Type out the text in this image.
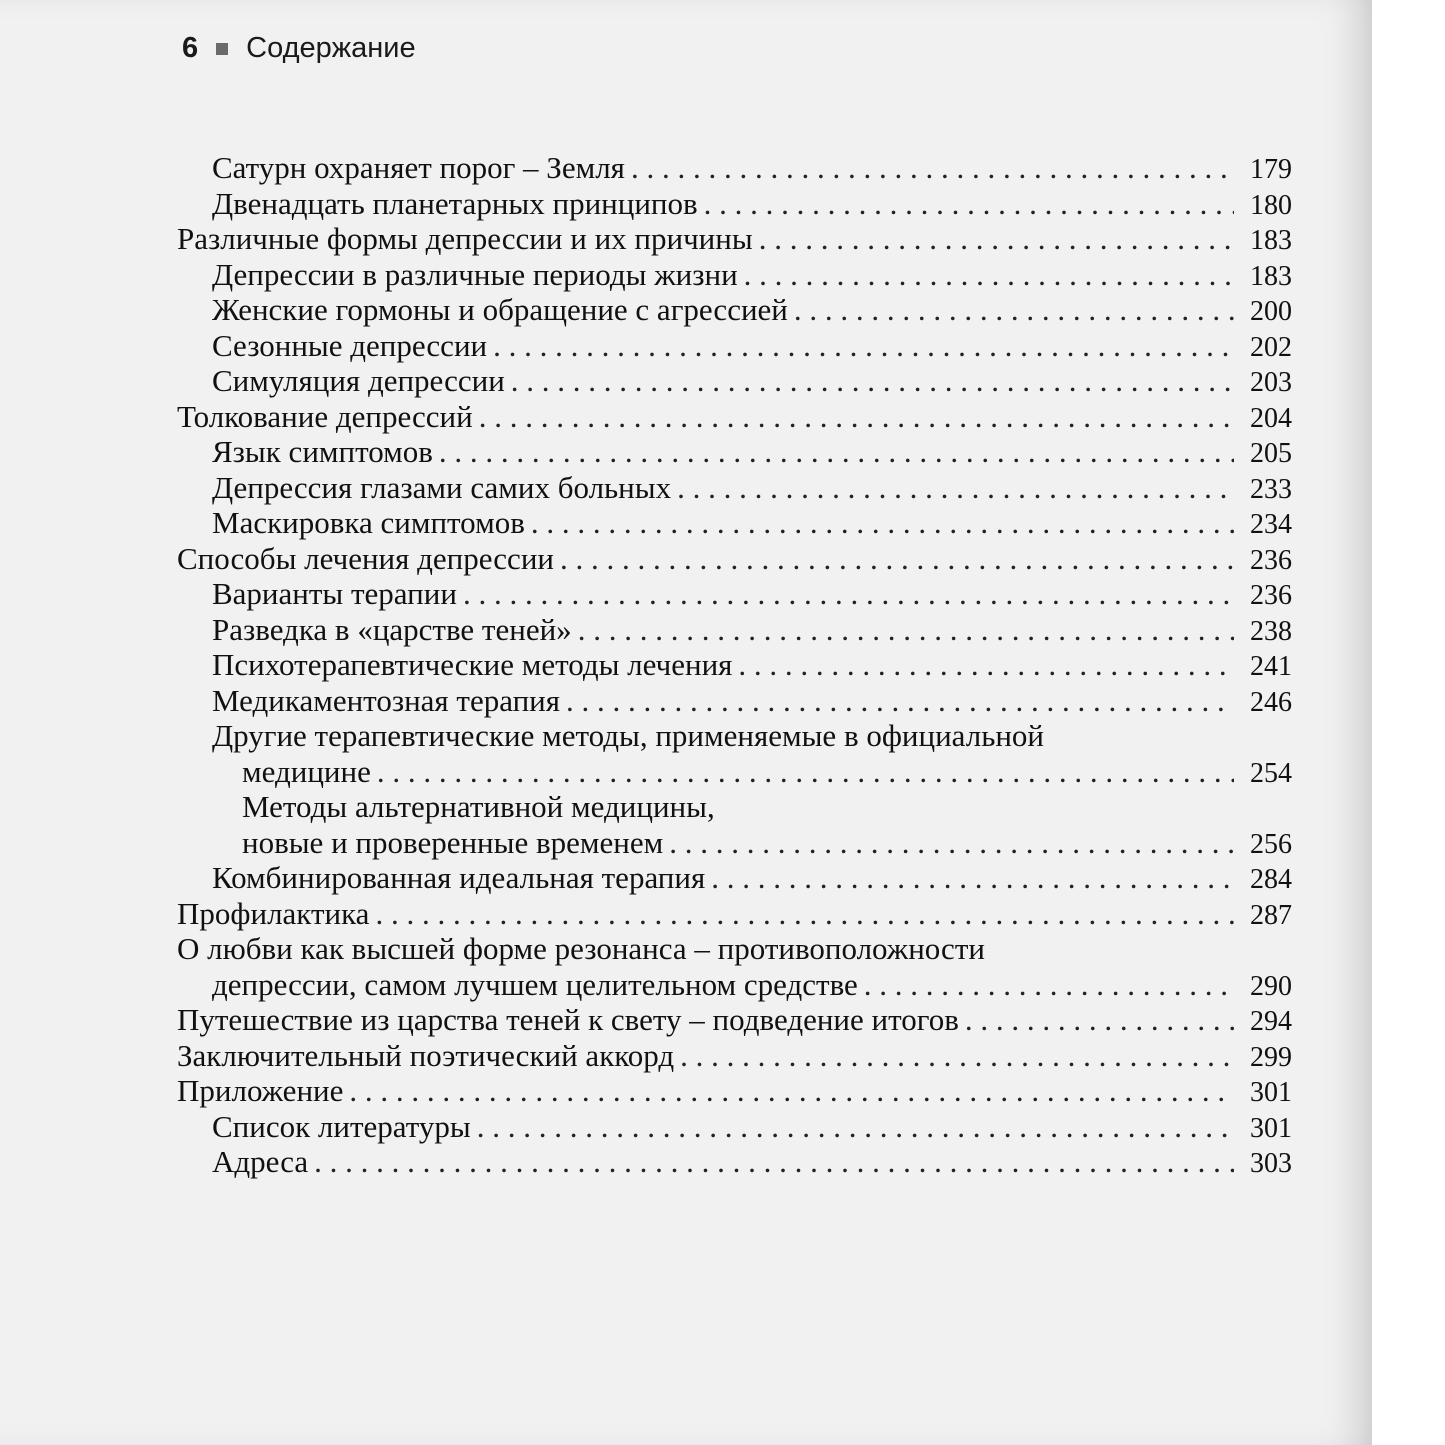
6 Содержание
Сатурн охраняет порог – Земля . . .	179
Двенадцать планетарных принципов . . .	180
Различные формы депрессии и их причины . . .	183
Депрессии в различные периоды жизни . . .	183
Женские гормоны и обращение с агрессией . . .	200
Сезонные депрессии . . .	202
Симуляция депрессии . . .	203
Толкование депрессий . . .	204
Язык симптомов . . .	205
Депрессия глазами самих больных . . .	233
Маскировка симптомов . . .	234
Способы лечения депрессии . . .	236
Варианты терапии . . .	236
Разведка в «царстве теней» . . .	238
Психотерапевтические методы лечения . . .	241
Медикаментозная терапия . . .	246
Другие терапевтические методы, применяемые в официальной
медицине . . .	254
Методы альтернативной медицины,
новые и проверенные временем . . .	256
Комбинированная идеальная терапия . . .	284
Профилактика . . .	287
О любви как высшей форме резонанса – противоположности
депрессии, самом лучшем целительном средстве . . .	290
Путешествие из царства теней к свету – подведение итогов . . .	294
Заключительный поэтический аккорд . . .	299
Приложение . . .	301
Список литературы . . .	301
Адреса . . .	303
